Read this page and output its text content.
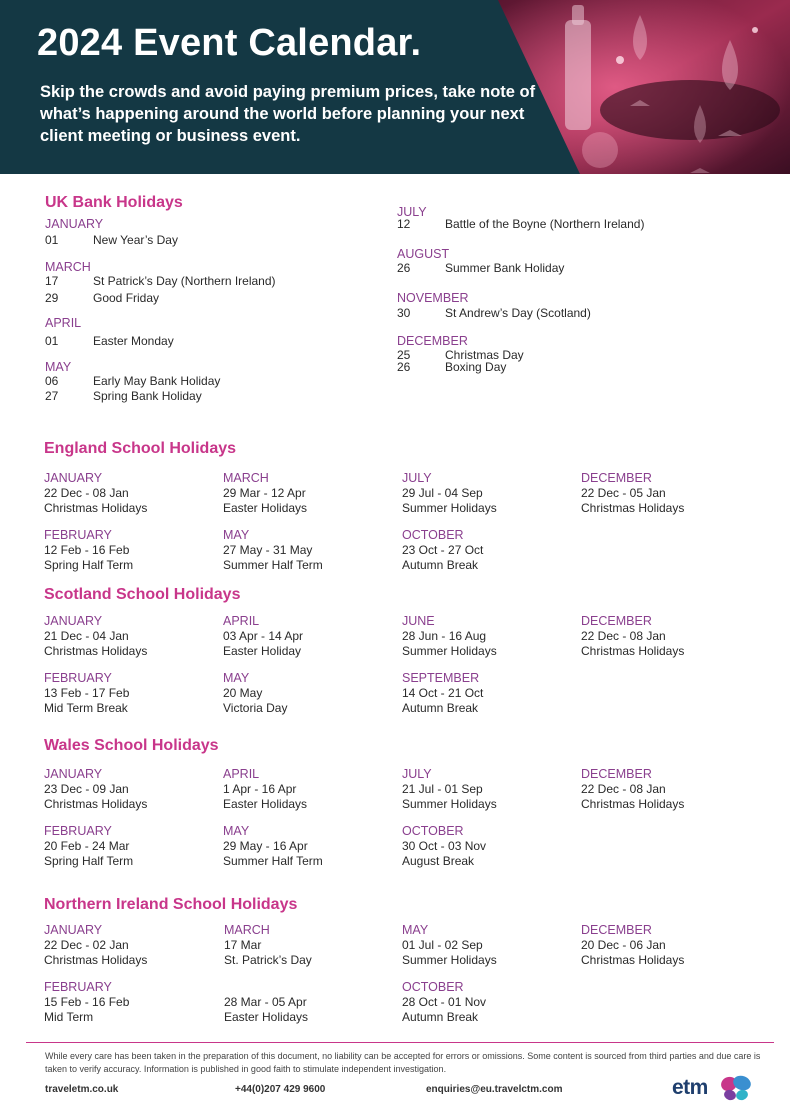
2024 Event Calendar.
Skip the crowds and avoid paying premium prices, take note of what’s happening around the world before planning your next client meeting or business event.
UK Bank Holidays
JANUARY
01	New Year’s Day
MARCH
17	St Patrick’s Day (Northern Ireland)
29	Good Friday
APRIL
01	Easter Monday
MAY
06	Early May Bank Holiday
27	Spring Bank Holiday
JULY
12	Battle of the Boyne (Northern Ireland)
AUGUST
26	Summer Bank Holiday
NOVEMBER
30	St Andrew’s Day (Scotland)
DECEMBER
25	Christmas Day
26	Boxing Day
England School Holidays
JANUARY
22 Dec - 08 Jan
Christmas Holidays
MARCH
29 Mar - 12 Apr
Easter Holidays
JULY
29 Jul - 04 Sep
Summer Holidays
DECEMBER
22 Dec - 05 Jan
Christmas Holidays
FEBRUARY
12 Feb - 16 Feb
Spring Half Term
MAY
27 May - 31 May
Summer Half Term
OCTOBER
23 Oct - 27 Oct
Autumn Break
Scotland School Holidays
JANUARY
21 Dec - 04 Jan
Christmas Holidays
APRIL
03 Apr - 14 Apr
Easter Holiday
JUNE
28 Jun - 16 Aug
Summer Holidays
DECEMBER
22 Dec - 08 Jan
Christmas Holidays
FEBRUARY
13 Feb - 17 Feb
Mid Term Break
MAY
20 May
Victoria Day
SEPTEMBER
14 Oct - 21 Oct
Autumn Break
Wales School Holidays
JANUARY
23 Dec - 09 Jan
Christmas Holidays
APRIL
1 Apr - 16 Apr
Easter Holidays
JULY
21 Jul - 01 Sep
Summer Holidays
DECEMBER
22 Dec - 08 Jan
Christmas Holidays
FEBRUARY
20 Feb - 24 Mar
Spring Half Term
MAY
29 May - 16 Apr
Summer Half Term
OCTOBER
30 Oct - 03 Nov
August Break
Northern Ireland School Holidays
JANUARY
22 Dec - 02 Jan
Christmas Holidays
MARCH
17 Mar
St. Patrick’s Day
MAY
01 Jul - 02 Sep
Summer Holidays
DECEMBER
20 Dec - 06 Jan
Christmas Holidays
FEBRUARY
15 Feb - 16 Feb
Mid Term
28 Mar - 05 Apr
Easter Holidays
OCTOBER
28 Oct - 01 Nov
Autumn Break
While every care has been taken in the preparation of this document, no liability can be accepted for errors or omissions. Some content is sourced from third parties and due care is taken to verify accuracy. Information is published in good faith to stimulate independent investigation.
traveletm.co.uk	+44(0)207 429 9600	enquiries@eu.travelctm.com	etm
